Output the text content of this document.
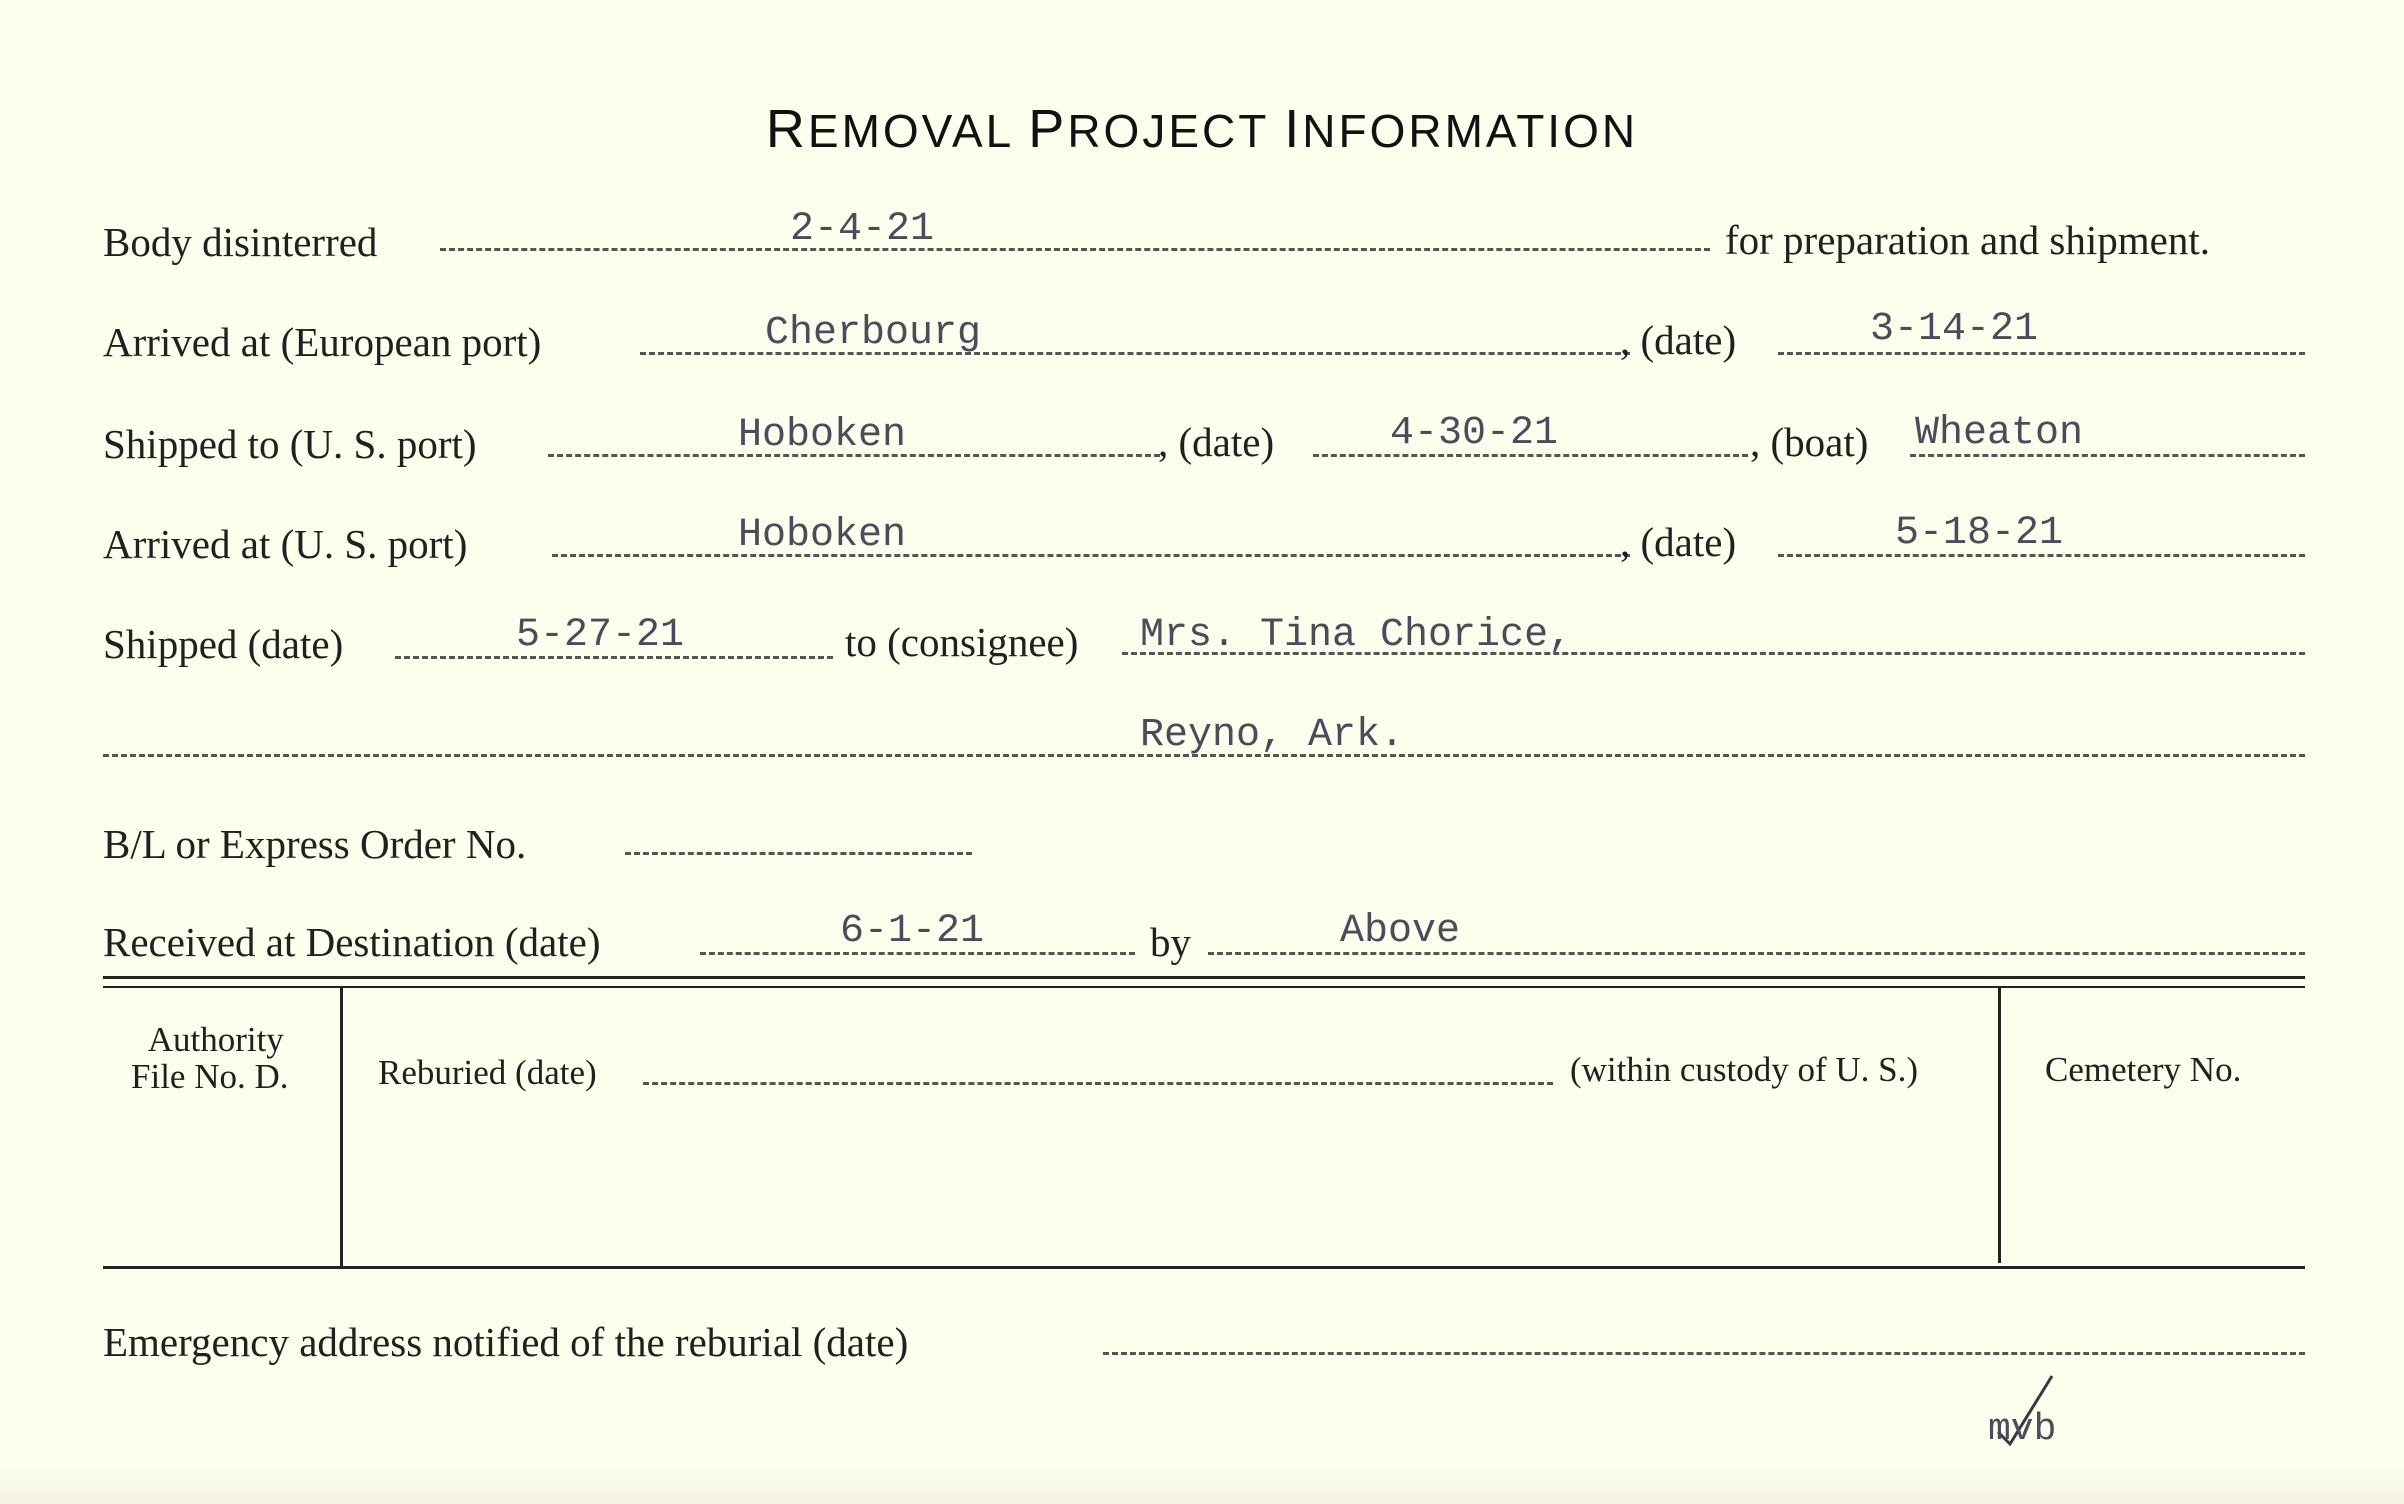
REMOVAL PROJECT INFORMATION
Body disinterred	2-4-21	for preparation and shipment.
Arrived at (European port)	Cherbourg	, (date)	3-14-21
Shipped to (U. S. port)	Hoboken	, (date)	4-30-21	, (boat) Wheaton
Arrived at (U. S. port)	Hoboken	, (date)	5-18-21
Shipped (date)	5-27-21	to (consignee) Mrs. Tina Chorice,
Reyno, Ark.
B/L or Express Order No.
Received at Destination (date)	6-1-21	by	Above
Authority
File No. D.	Reburied (date)	(within custody of U. S.)	Cemetery No.
Emergency address notified of the reburial (date)
mvb
